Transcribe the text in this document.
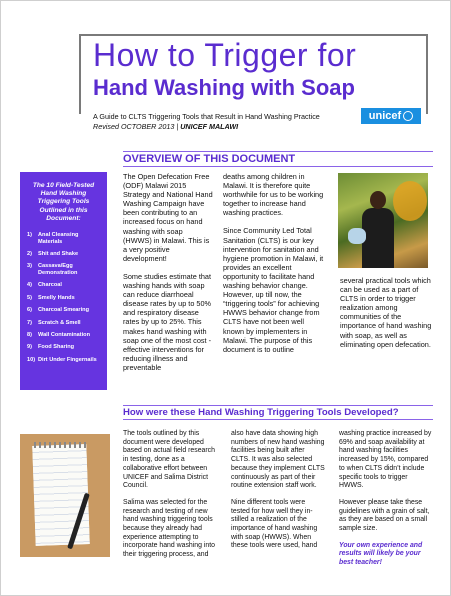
How to Trigger for
Hand Washing with Soap
A Guide to CLTS Triggering Tools that Result in Hand Washing Practice
Revised OCTOBER 2013 | UNICEF MALAWI
unicef
The 10 Field-Tested
Hand Washing
Triggering Tools
Outlined in this
Document:
1) Anal Cleansing Materials
2) Shit and Shake
3) Cassava/Egg Demonstration
4) Charcoal
5) Smelly Hands
6) Charcoal Smearing
7) Scratch & Smell
8) Wall Contamination
9) Food Sharing
10) Dirt Under Fingernails
OVERVIEW OF THIS DOCUMENT

The Open Defecation Free (ODF) Malawi 2015 Strategy and National Hand Washing Campaign have been contributing to an increased focus on hand washing with soap (HWWS) in Malawi. This is a very positive development!

Some studies estimate that washing hands with soap can reduce diarrhoeal disease rates by up to 50% and respiratory disease rates by up to 25%. This makes hand washing with soap one of the most cost -effective interventions for reducing illness and preventable

deaths among children in Malawi. It is therefore quite worthwhile for us to be working together to increase hand washing practices.

Since Community Led Total Sanitation (CLTS) is our key intervention for sanitation and hygiene promotion in Malawi, it provides an excellent opportunity to facilitate hand washing behavior change. However, up till now, the “triggering tools” for achieving HWWS behavior change from CLTS have not been well known by implementers in Malawi. The purpose of this document is to outline

several practical tools which can be used as a part of CLTS in order to trigger realization among communities of the importance of hand washing with soap, as well as eliminating open defecation.

How were these Hand Washing Triggering Tools Developed?

The tools outlined by this document were developed based on actual field research in testing, done as a collaborative effort between UNICEF and Salima District Council.

Salima was selected for the research and testing of new hand washing triggering tools because they already had experience attempting to incorporate hand washing into their triggering process, and

also have data showing high numbers of new hand washing facilities being built after CLTS. It was also selected because they implement CLTS continuously as part of their routine extension staff work.

Nine different tools were tested for how well they in-stilled a realization of the importance of hand washing with soap (HWWS). When these tools were used, hand

washing practice increased by 69% and soap availability at hand washing facilities increased by 15%, compared to when CLTS didn’t include specific tools to trigger HWWS.

However please take these guidelines with a grain of salt, as they are based on a small sample size.

Your own experience and results will likely be your best teacher!
